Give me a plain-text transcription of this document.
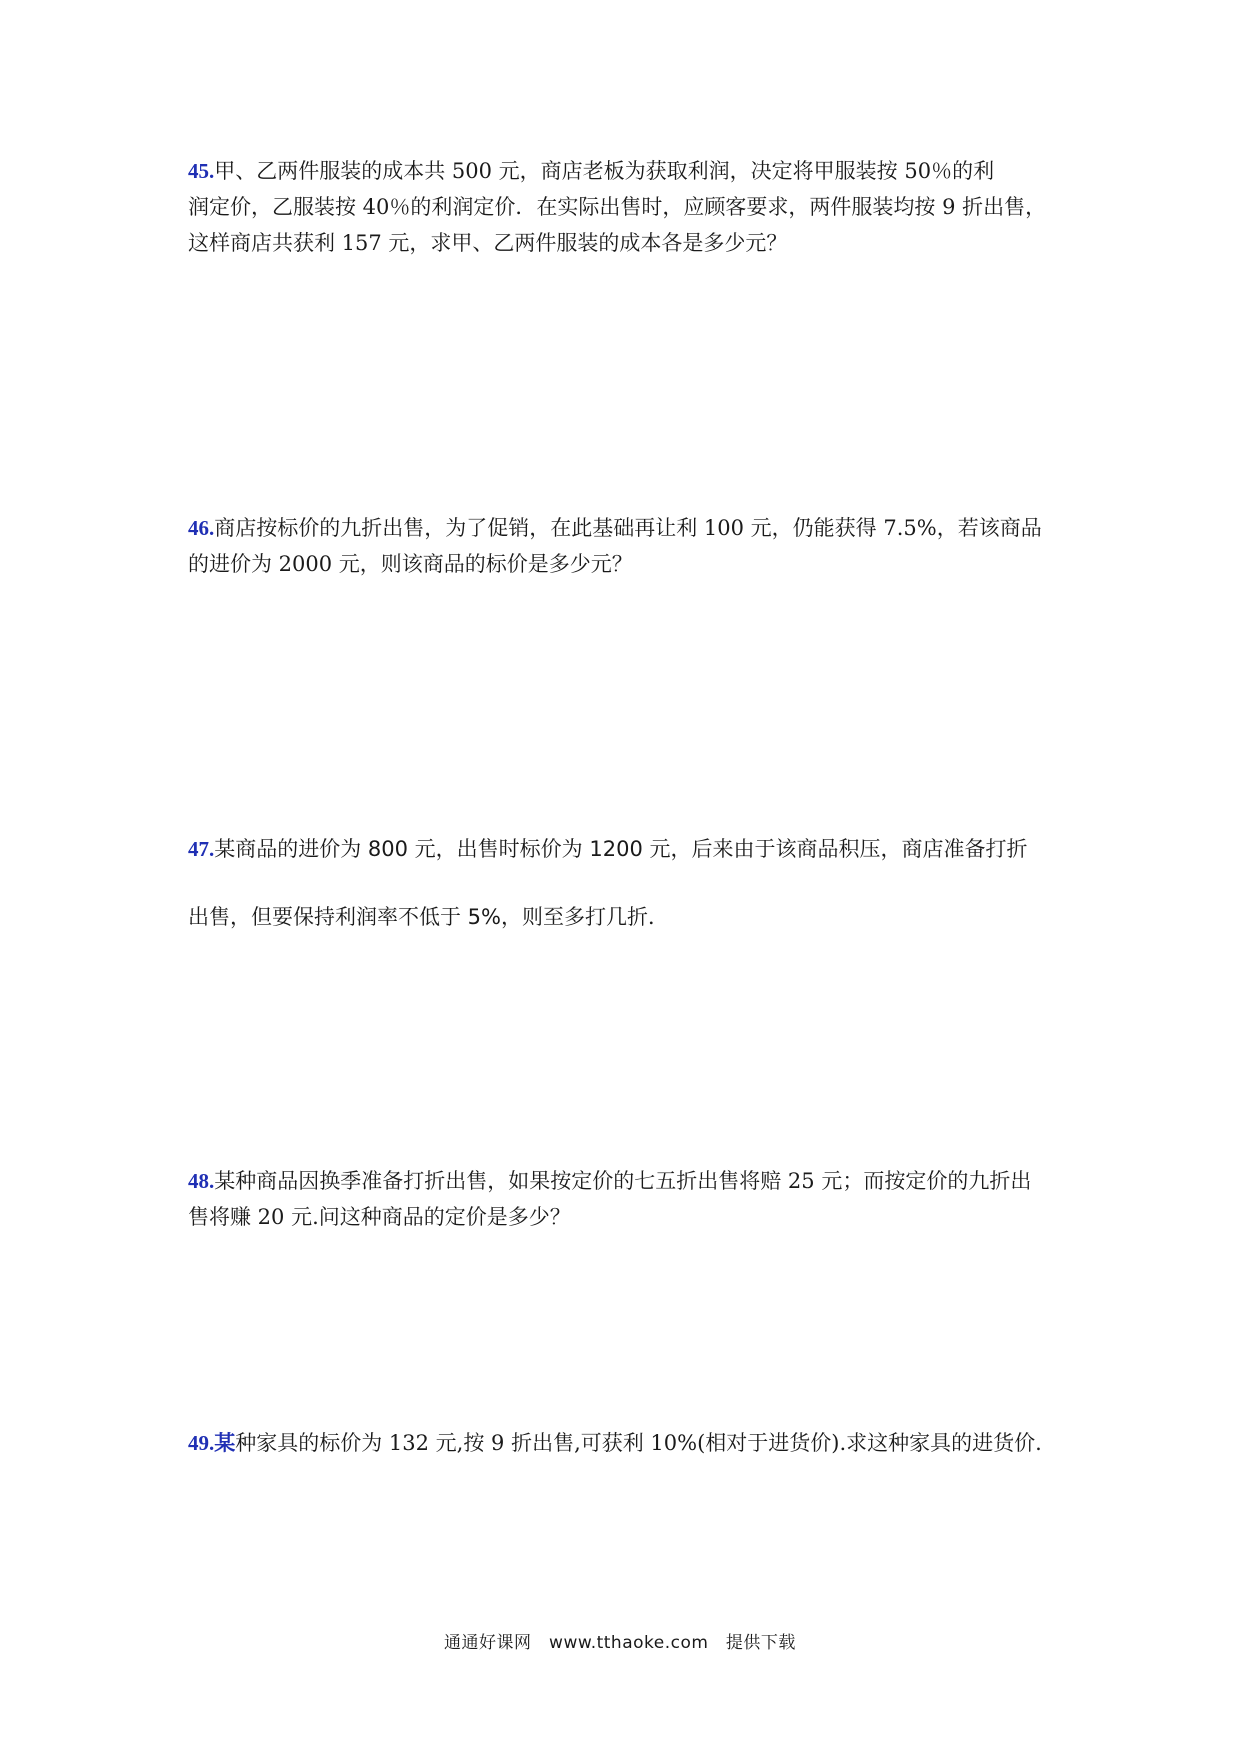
45.甲、乙两件服装的成本共 500 元，商店老板为获取利润，决定将甲服装按 50％的利
润定价，乙服装按 40％的利润定价．在实际出售时，应顾客要求，两件服装均按 9 折出售，
这样商店共获利 157 元，求甲、乙两件服装的成本各是多少元？
46.商店按标价的九折出售，为了促销，在此基础再让利 100 元，仍能获得 7.5%，若该商品
的进价为 2000 元，则该商品的标价是多少元？
47.某商品的进价为 800 元，出售时标价为 1200 元，后来由于该商品积压，商店准备打折
出售，但要保持利润率不低于 5%，则至多打几折．
48.某种商品因换季准备打折出售，如果按定价的七五折出售将赔 25 元；而按定价的九折出
售将赚 20 元.问这种商品的定价是多少？
49.某种家具的标价为 132 元,按 9 折出售,可获利 10%(相对于进货价).求这种家具的进货价.
通通好课网　www.tthaoke.com　提供下载
